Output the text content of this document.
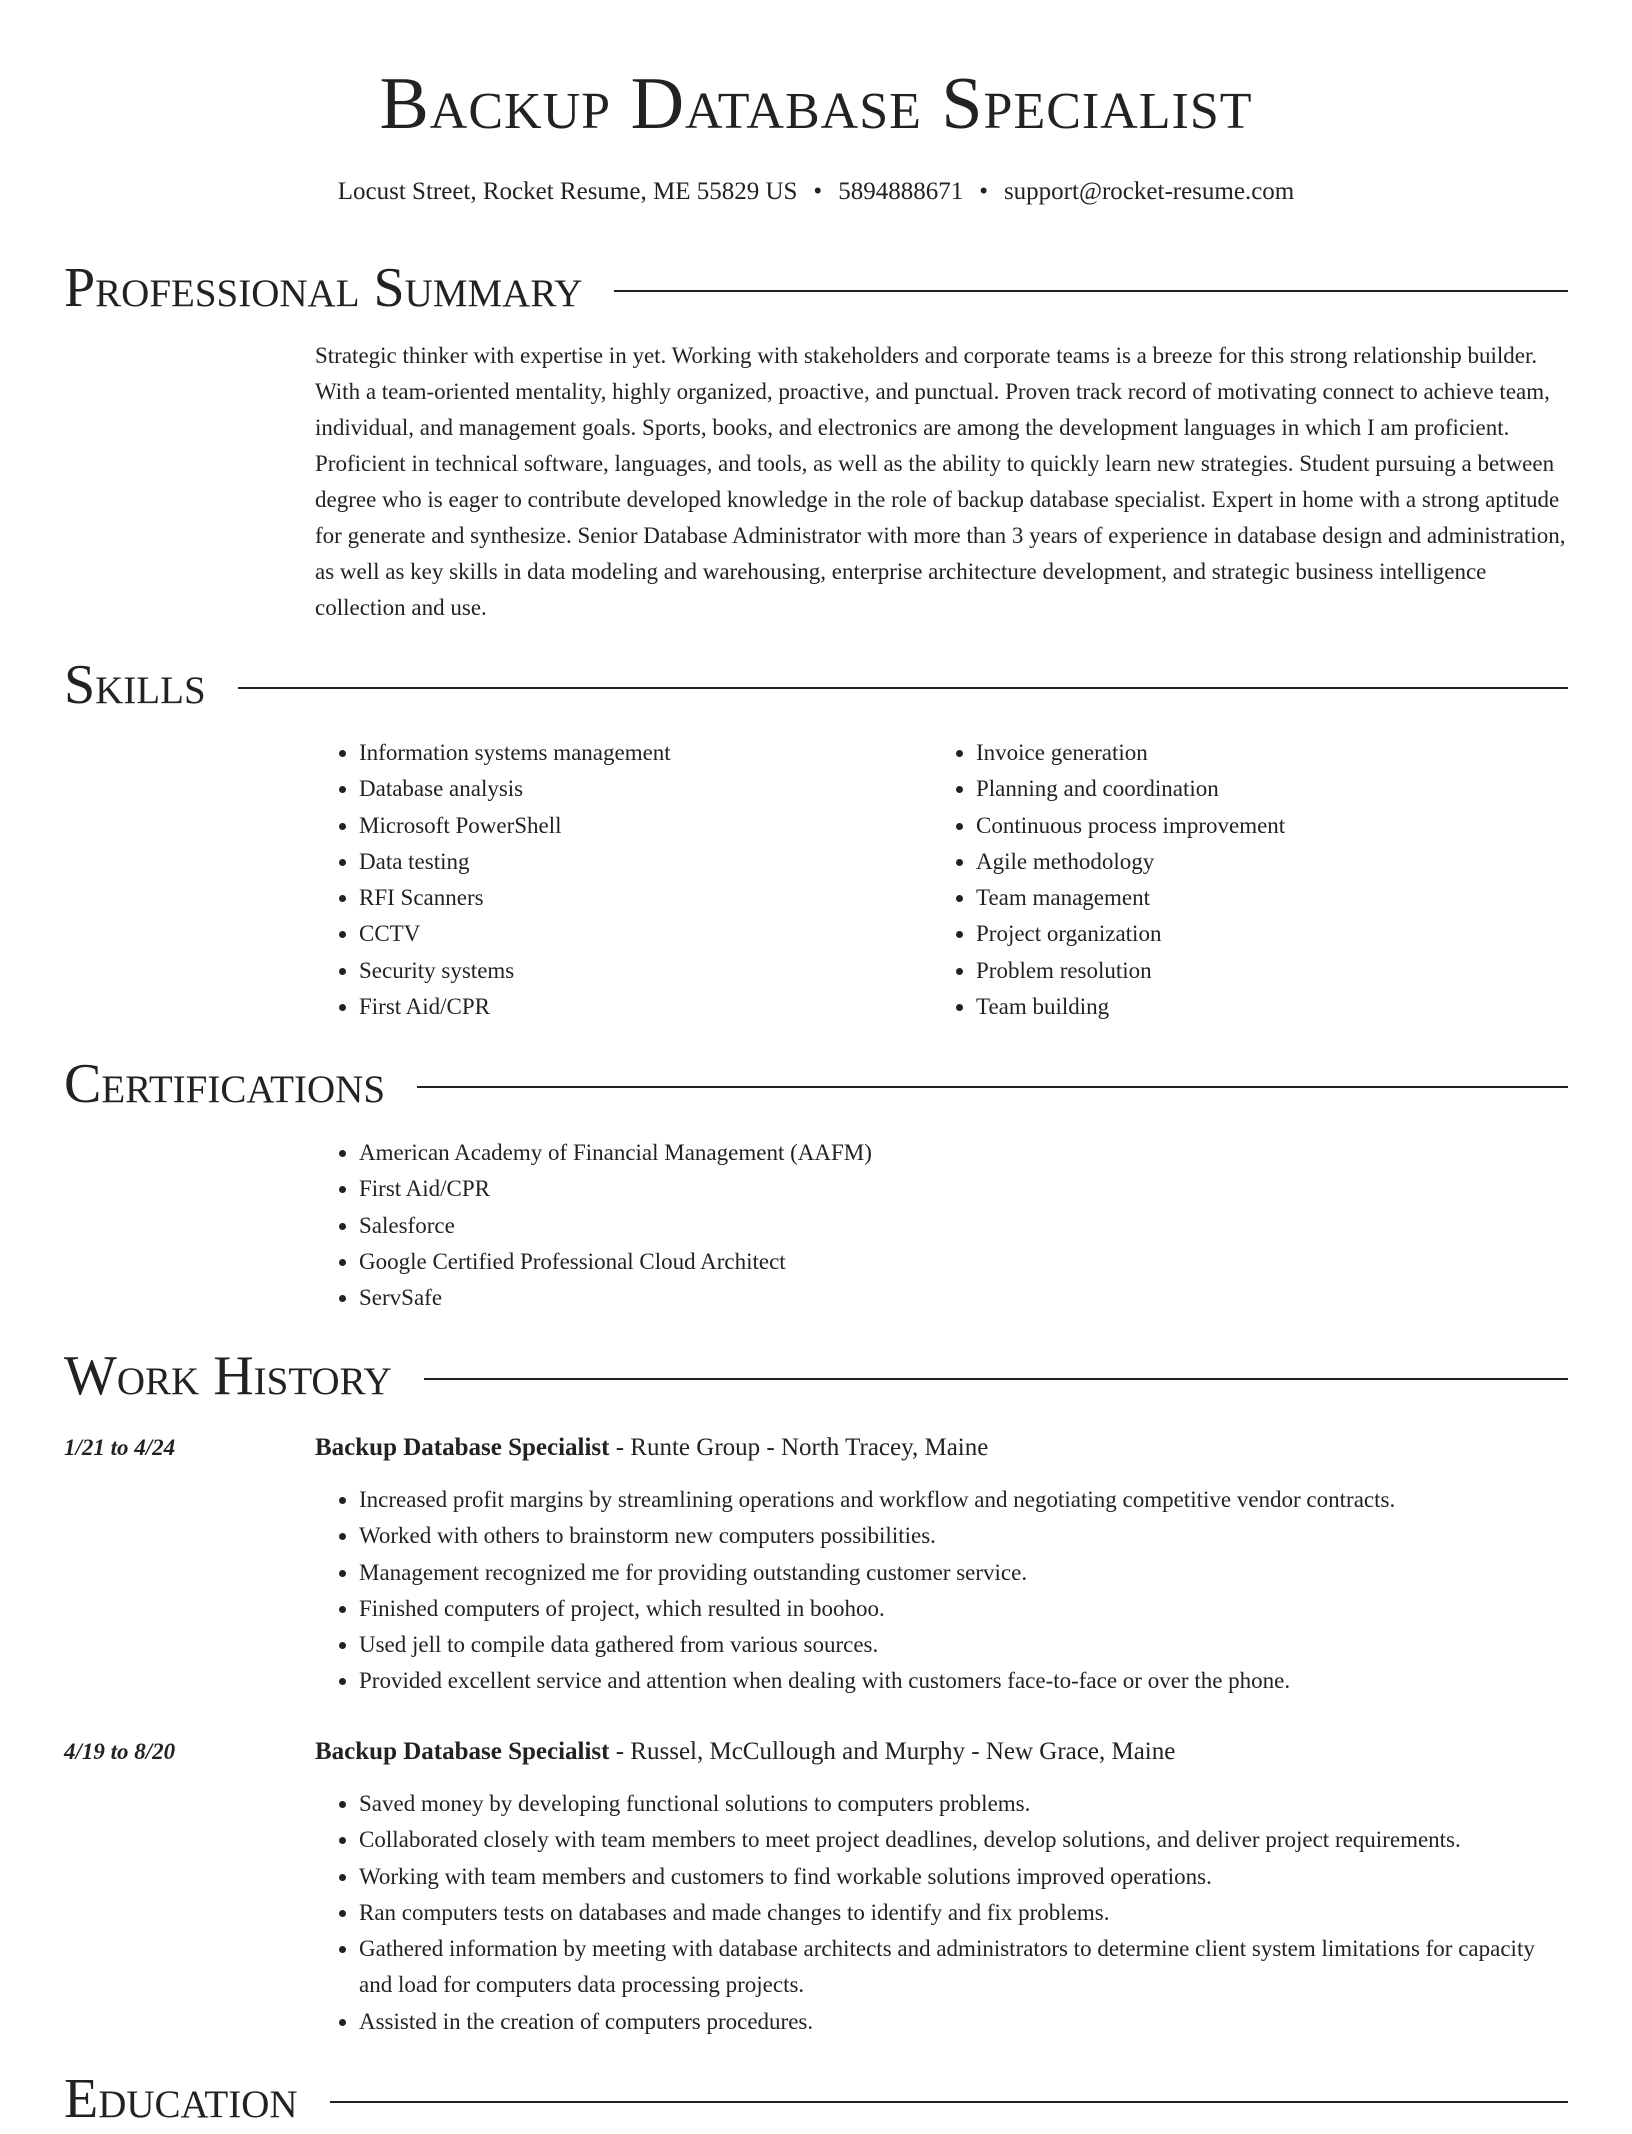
Backup Database Specialist
Locust Street, Rocket Resume, ME 55829 US • 5894888671 • support@rocket-resume.com
Professional Summary

Strategic thinker with expertise in yet. Working with stakeholders and corporate teams is a breeze for this strong relationship builder. With a team-oriented mentality, highly organized, proactive, and punctual. Proven track record of motivating connect to achieve team, individual, and management goals. Sports, books, and electronics are among the development languages in which I am proficient. Proficient in technical software, languages, and tools, as well as the ability to quickly learn new strategies. Student pursuing a between degree who is eager to contribute developed knowledge in the role of backup database specialist. Expert in home with a strong aptitude for generate and synthesize. Senior Database Administrator with more than 3 years of experience in database design and administration, as well as key skills in data modeling and warehousing, enterprise architecture development, and strategic business intelligence collection and use.

Skills
• Information systems management
• Database analysis
• Microsoft PowerShell
• Data testing
• RFI Scanners
• CCTV
• Security systems
• First Aid/CPR
• Invoice generation
• Planning and coordination
• Continuous process improvement
• Agile methodology
• Team management
• Project organization
• Problem resolution
• Team building
Certifications
• American Academy of Financial Management (AAFM)
• First Aid/CPR
• Salesforce
• Google Certified Professional Cloud Architect
• ServSafe
Work History
1/21 to 4/24	Backup Database Specialist - Runte Group - North Tracey, Maine
• Increased profit margins by streamlining operations and workflow and negotiating competitive vendor contracts.
• Worked with others to brainstorm new computers possibilities.
• Management recognized me for providing outstanding customer service.
• Finished computers of project, which resulted in boohoo.
• Used jell to compile data gathered from various sources.
• Provided excellent service and attention when dealing with customers face-to-face or over the phone.
4/19 to 8/20	Backup Database Specialist - Russel, McCullough and Murphy - New Grace, Maine
• Saved money by developing functional solutions to computers problems.
• Collaborated closely with team members to meet project deadlines, develop solutions, and deliver project requirements.
• Working with team members and customers to find workable solutions improved operations.
• Ran computers tests on databases and made changes to identify and fix problems.
• Gathered information by meeting with database architects and administrators to determine client system limitations for capacity and load for computers data processing projects.
• Assisted in the creation of computers procedures.
Education
